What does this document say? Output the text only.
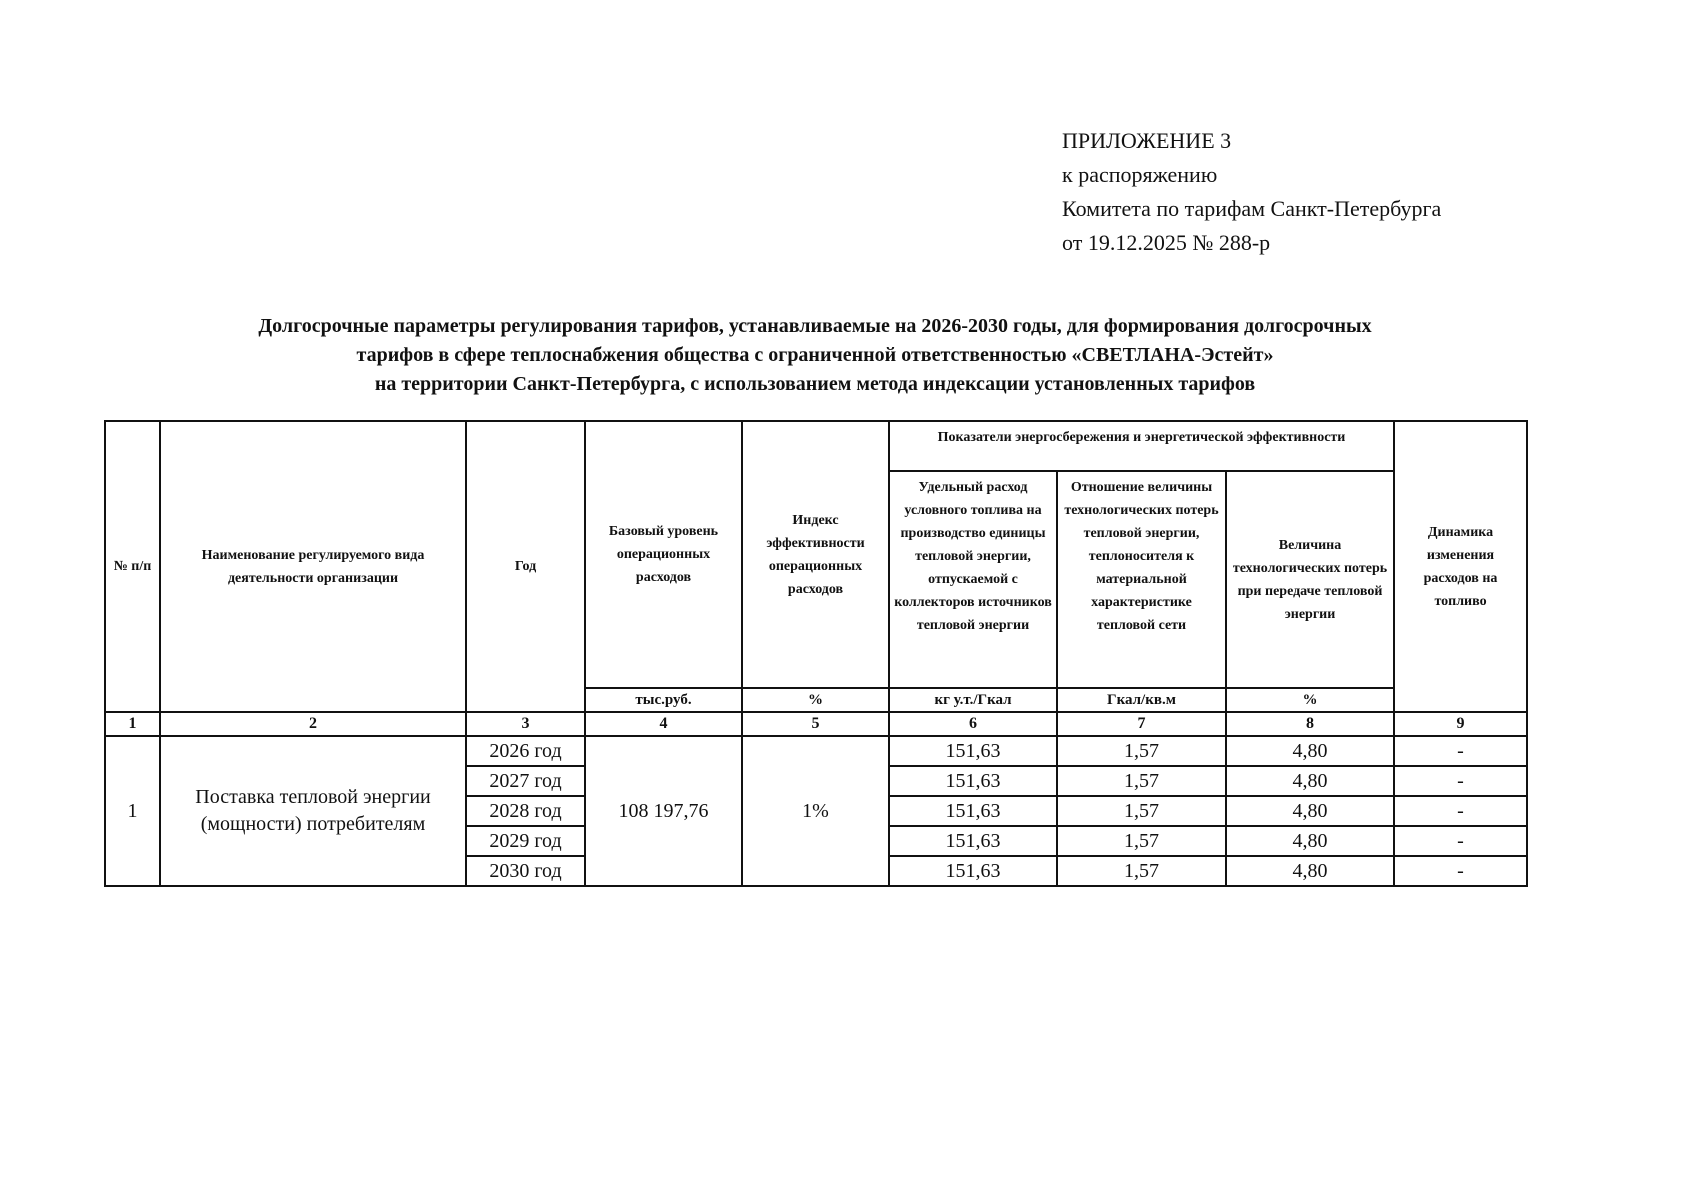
ПРИЛОЖЕНИЕ 3
к распоряжению
Комитета по тарифам Санкт-Петербурга
от 19.12.2025 № 288-р
Долгосрочные параметры регулирования тарифов, устанавливаемые на 2026-2030 годы, для формирования долгосрочных
тарифов в сфере теплоснабжения общества с ограниченной ответственностью «СВЕТЛАНА-Эстейт»
на территории Санкт-Петербурга, с использованием метода индексации установленных тарифов
№ п/п	Наименование регулируемого вида деятельности организации	Год	Базовый уровень операционных расходов	Индекс эффективности операционных расходов	Показатели энергосбережения и энергетической эффективности			Динамика изменения расходов на топливо
					Удельный расход условного топлива на производство единицы тепловой энергии, отпускаемой с коллекторов источников тепловой энергии	Отношение величины технологических потерь тепловой энергии, теплоносителя к материальной характеристике тепловой сети	Величина технологических потерь при передаче тепловой энергии	
			тыс.руб.	%	кг у.т./Гкал	Гкал/кв.м	%	
1	2	3	4	5	6	7	8	9
1	Поставка тепловой энергии (мощности) потребителям	2026 год	108 197,76	1%	151,63	1,57	4,80	-
		2027 год			151,63	1,57	4,80	-
		2028 год			151,63	1,57	4,80	-
		2029 год			151,63	1,57	4,80	-
		2030 год			151,63	1,57	4,80	-
